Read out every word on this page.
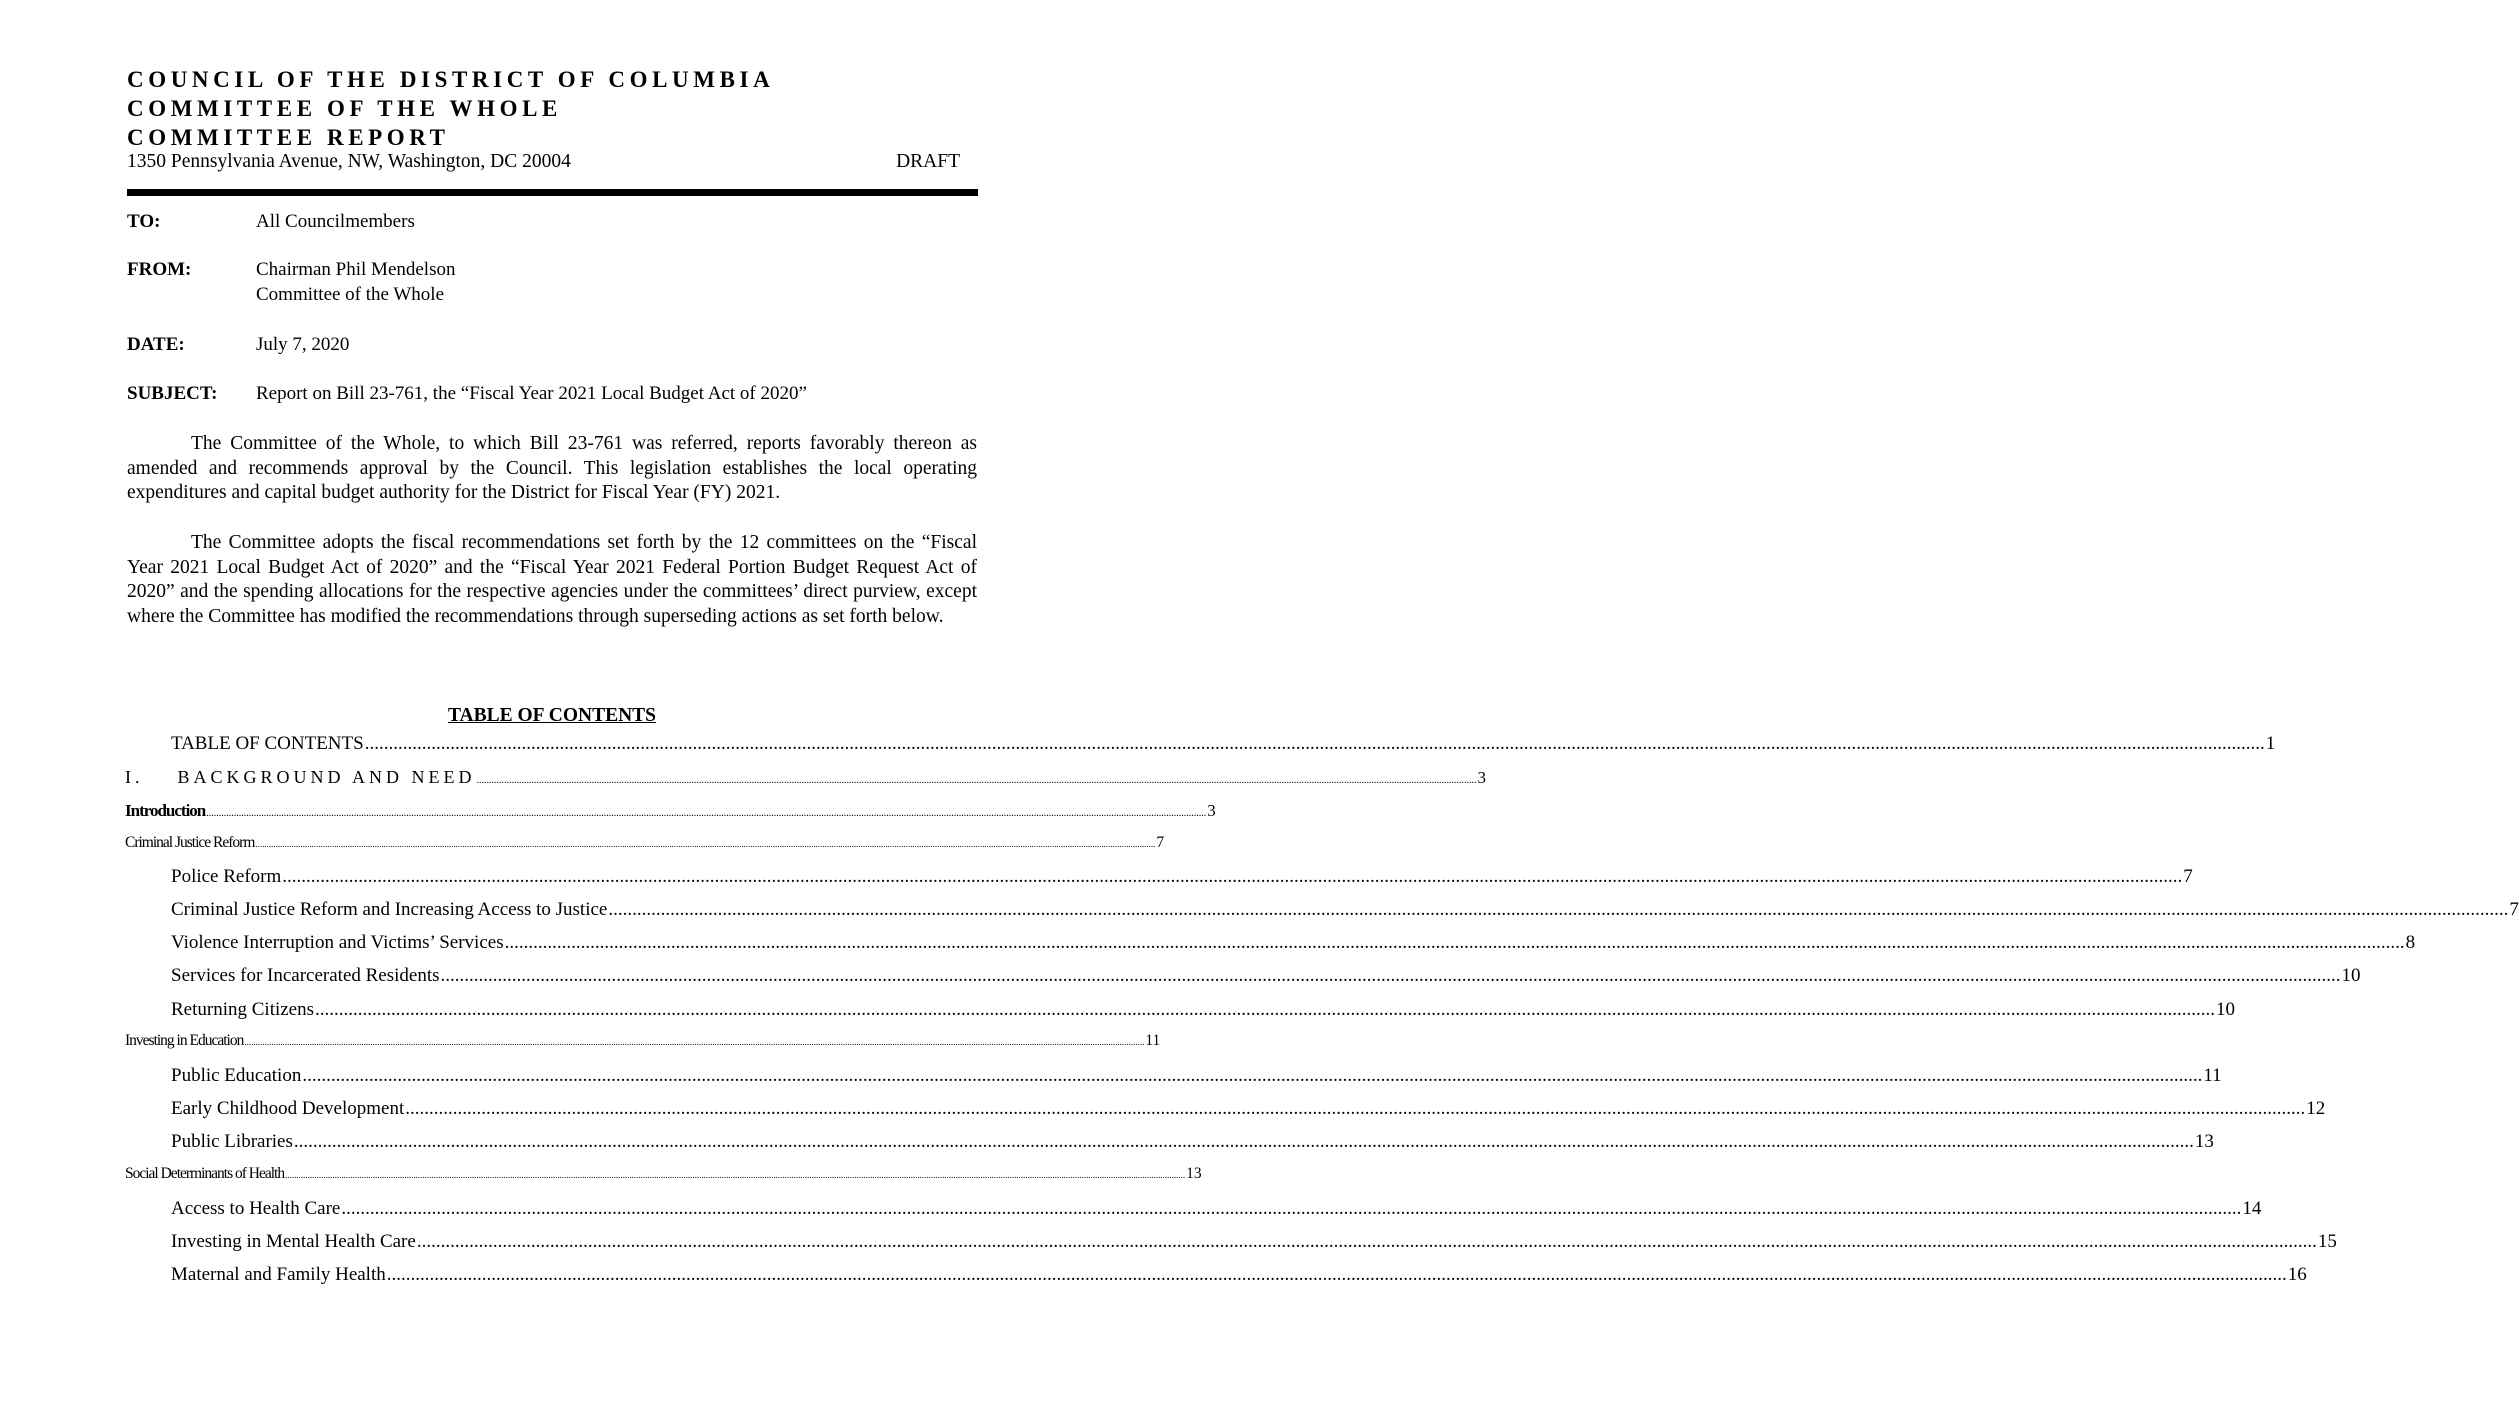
COUNCIL OF THE DISTRICT OF COLUMBIA
COMMITTEE OF THE WHOLE
COMMITTEE REPORT
1350 Pennsylvania Avenue, NW, Washington, DC 20004	DRAFT
TO:	All Councilmembers
FROM:	Chairman Phil Mendelson
Committee of the Whole
DATE:	July 7, 2020
SUBJECT: Report on Bill 23-761, the “Fiscal Year 2021 Local Budget Act of 2020”

The Committee of the Whole, to which Bill 23-761 was referred, reports favorably thereon as amended and recommends approval by the Council. This legislation establishes the local operating expenditures and capital budget authority for the District for Fiscal Year (FY) 2021.

The Committee adopts the fiscal recommendations set forth by the 12 committees on the “Fiscal Year 2021 Local Budget Act of 2020” and the “Fiscal Year 2021 Federal Portion Budget Request Act of 2020” and the spending allocations for the respective agencies under the committees’ direct purview, except where the Committee has modified the recommendations through superseding actions as set forth below.

TABLE OF CONTENTS
TABLE OF CONTENTS ................................................................................................................................................................................................................................................................................................................................................................................................................ 1
I.    BACKGROUND AND NEED ................................................................................................................................................................................................................................................................................................................................................................................................................ 3
Introduction ................................................................................................................................................................................................................................................................................................................................................................................................................ 3
Criminal Justice Reform ................................................................................................................................................................................................................................................................................................................................................................................................................ 7
Police Reform ................................................................................................................................................................................................................................................................................................................................................................................................................ 7
Criminal Justice Reform and Increasing Access to Justice ................................................................................................................................................................................................................................................................................................................................................................................................................ 7
Violence Interruption and Victims’ Services ................................................................................................................................................................................................................................................................................................................................................................................................................ 8
Services for Incarcerated Residents ................................................................................................................................................................................................................................................................................................................................................................................................................ 10
Returning Citizens ................................................................................................................................................................................................................................................................................................................................................................................................................ 10
Investing in Education ................................................................................................................................................................................................................................................................................................................................................................................................................ 11
Public Education ................................................................................................................................................................................................................................................................................................................................................................................................................ 11
Early Childhood Development ................................................................................................................................................................................................................................................................................................................................................................................................................ 12
Public Libraries ................................................................................................................................................................................................................................................................................................................................................................................................................ 13
Social Determinants of Health ................................................................................................................................................................................................................................................................................................................................................................................................................ 13
Access to Health Care ................................................................................................................................................................................................................................................................................................................................................................................................................ 14
Investing in Mental Health Care ................................................................................................................................................................................................................................................................................................................................................................................................................ 15
Maternal and Family Health ................................................................................................................................................................................................................................................................................................................................................................................................................ 16
